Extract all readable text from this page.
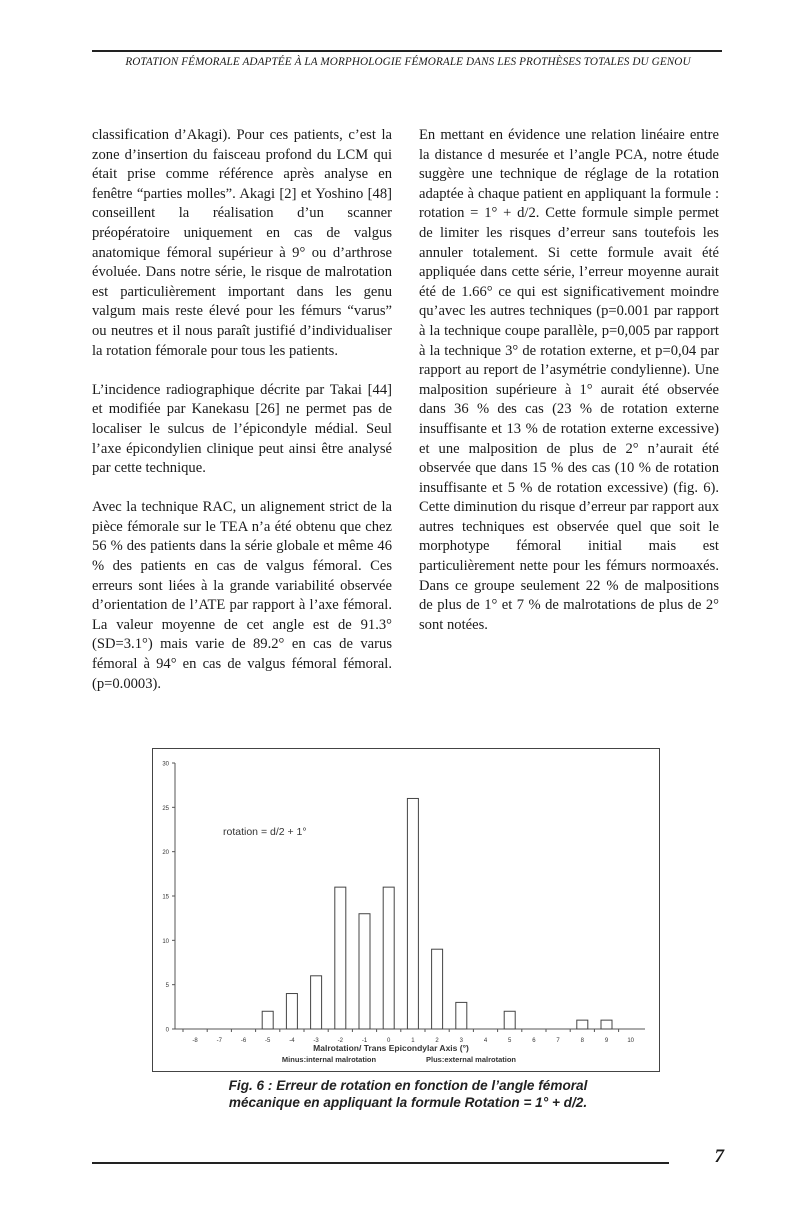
ROTATION FÉMORALE ADAPTÉE À LA MORPHOLOGIE FÉMORALE DANS LES PROTHÈSES TOTALES DU GENOU

classification d’Akagi). Pour ces patients, c’est la zone d’insertion du faisceau profond du LCM qui était prise comme référence après analyse en fenêtre “parties molles”. Akagi [2] et Yoshino [48] conseillent la réalisation d’un scanner préopératoire uniquement en cas de valgus anatomique fémoral supérieur à 9° ou d’arthrose évoluée. Dans notre série, le risque de malrotation est particulièrement important dans les genu valgum mais reste élevé pour les fémurs “varus” ou neutres et il nous paraît justifié d’individualiser la rotation fémorale pour tous les patients.

L’incidence radiographique décrite par Takai [44] et modifiée par Kanekasu [26] ne permet pas de localiser le sulcus de l’épicondyle médial. Seul l’axe épicondylien clinique peut ainsi être analysé par cette technique.

Avec la technique RAC, un alignement strict de la pièce fémorale sur le TEA n’a été obtenu que chez 56 % des patients dans la série globale et même 46 % des patients en cas de valgus fémoral. Ces erreurs sont liées à la grande variabilité observée d’orientation de l’ATE par rapport à l’axe fémoral. La valeur moyenne de cet angle est de 91.3° (SD=3.1°) mais varie de 89.2° en cas de varus fémoral à 94° en cas de valgus fémoral fémoral. (p=0.0003).

En mettant en évidence une relation linéaire entre la distance d mesurée et l’angle PCA, notre étude suggère une technique de réglage de la rotation adaptée à chaque patient en appliquant la formule : rotation = 1° + d/2. Cette formule simple permet de limiter les risques d’erreur sans toutefois les annuler totalement. Si cette formule avait été appliquée dans cette série, l’erreur moyenne aurait été de 1.66° ce qui est significativement moindre qu’avec les autres techniques (p=0.001 par rapport à la technique coupe parallèle, p=0,005 par rapport à la technique 3° de rotation externe, et p=0,04 par rapport au report de l’asymétrie condylienne). Une malposition supérieure à 1° aurait été observée dans 36 % des cas (23 % de rotation externe insuffisante et 13 % de rotation externe excessive) et une malposition de plus de 2° n’aurait été observée que dans 15 % des cas (10 % de rotation insuffisante et 5 % de rotation excessive) (fig. 6). Cette diminution du risque d’erreur par rapport aux autres techniques est observée quel que soit le morphotype fémoral initial mais est particulièrement nette pour les fémurs normoaxés. Dans ce groupe seulement 22 % de malpositions de plus de 1° et 7 % de malrotations de plus de 2° sont notées.

0
5
10
15
20
25
30
-8	-7	-6	-5	-4	-3	-2	-1	0	1	2	3	4	5	6	7	8	9	10
rotation = d/2 + 1°
Malrotation/ Trans Epicondylar Axis (°)
Minus:internal malrotation	Plus:external malrotation
Fig. 6 : Erreur de rotation en fonction de l’angle fémoral
mécanique en appliquant la formule Rotation = 1° + d/2.
7
